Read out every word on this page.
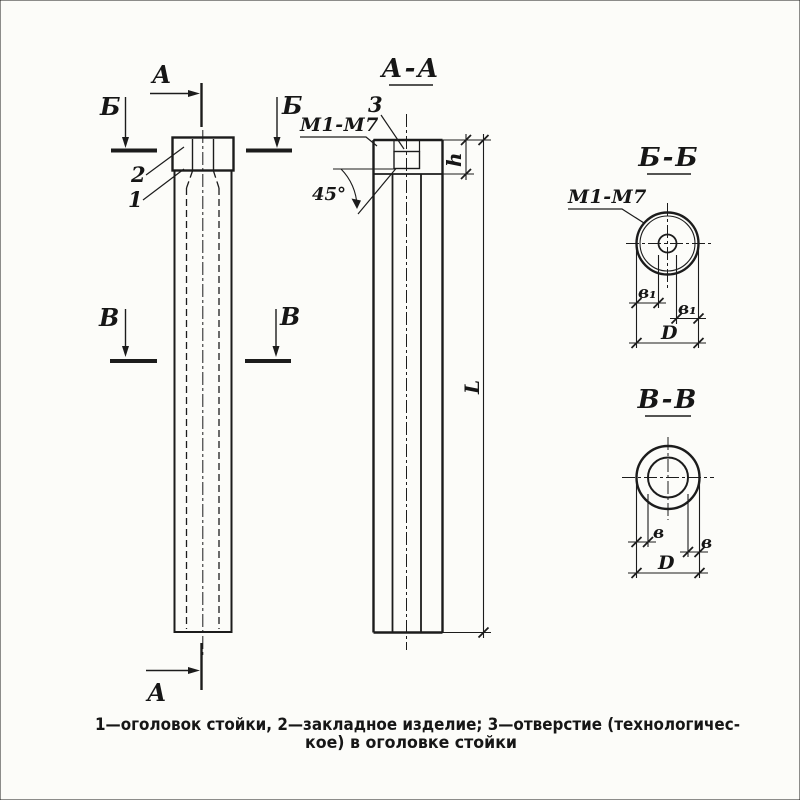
А
А
Б	Б
В	В
2
1
А-А
3
М1-М7
45°
h
L
Б-Б
М1-М7
в₁
в₁
D
В-В
в в
D
1—оголовок стойки, 2—закладное изделие; 3—отверстие (технологичес-
кое) в оголовке стойки
